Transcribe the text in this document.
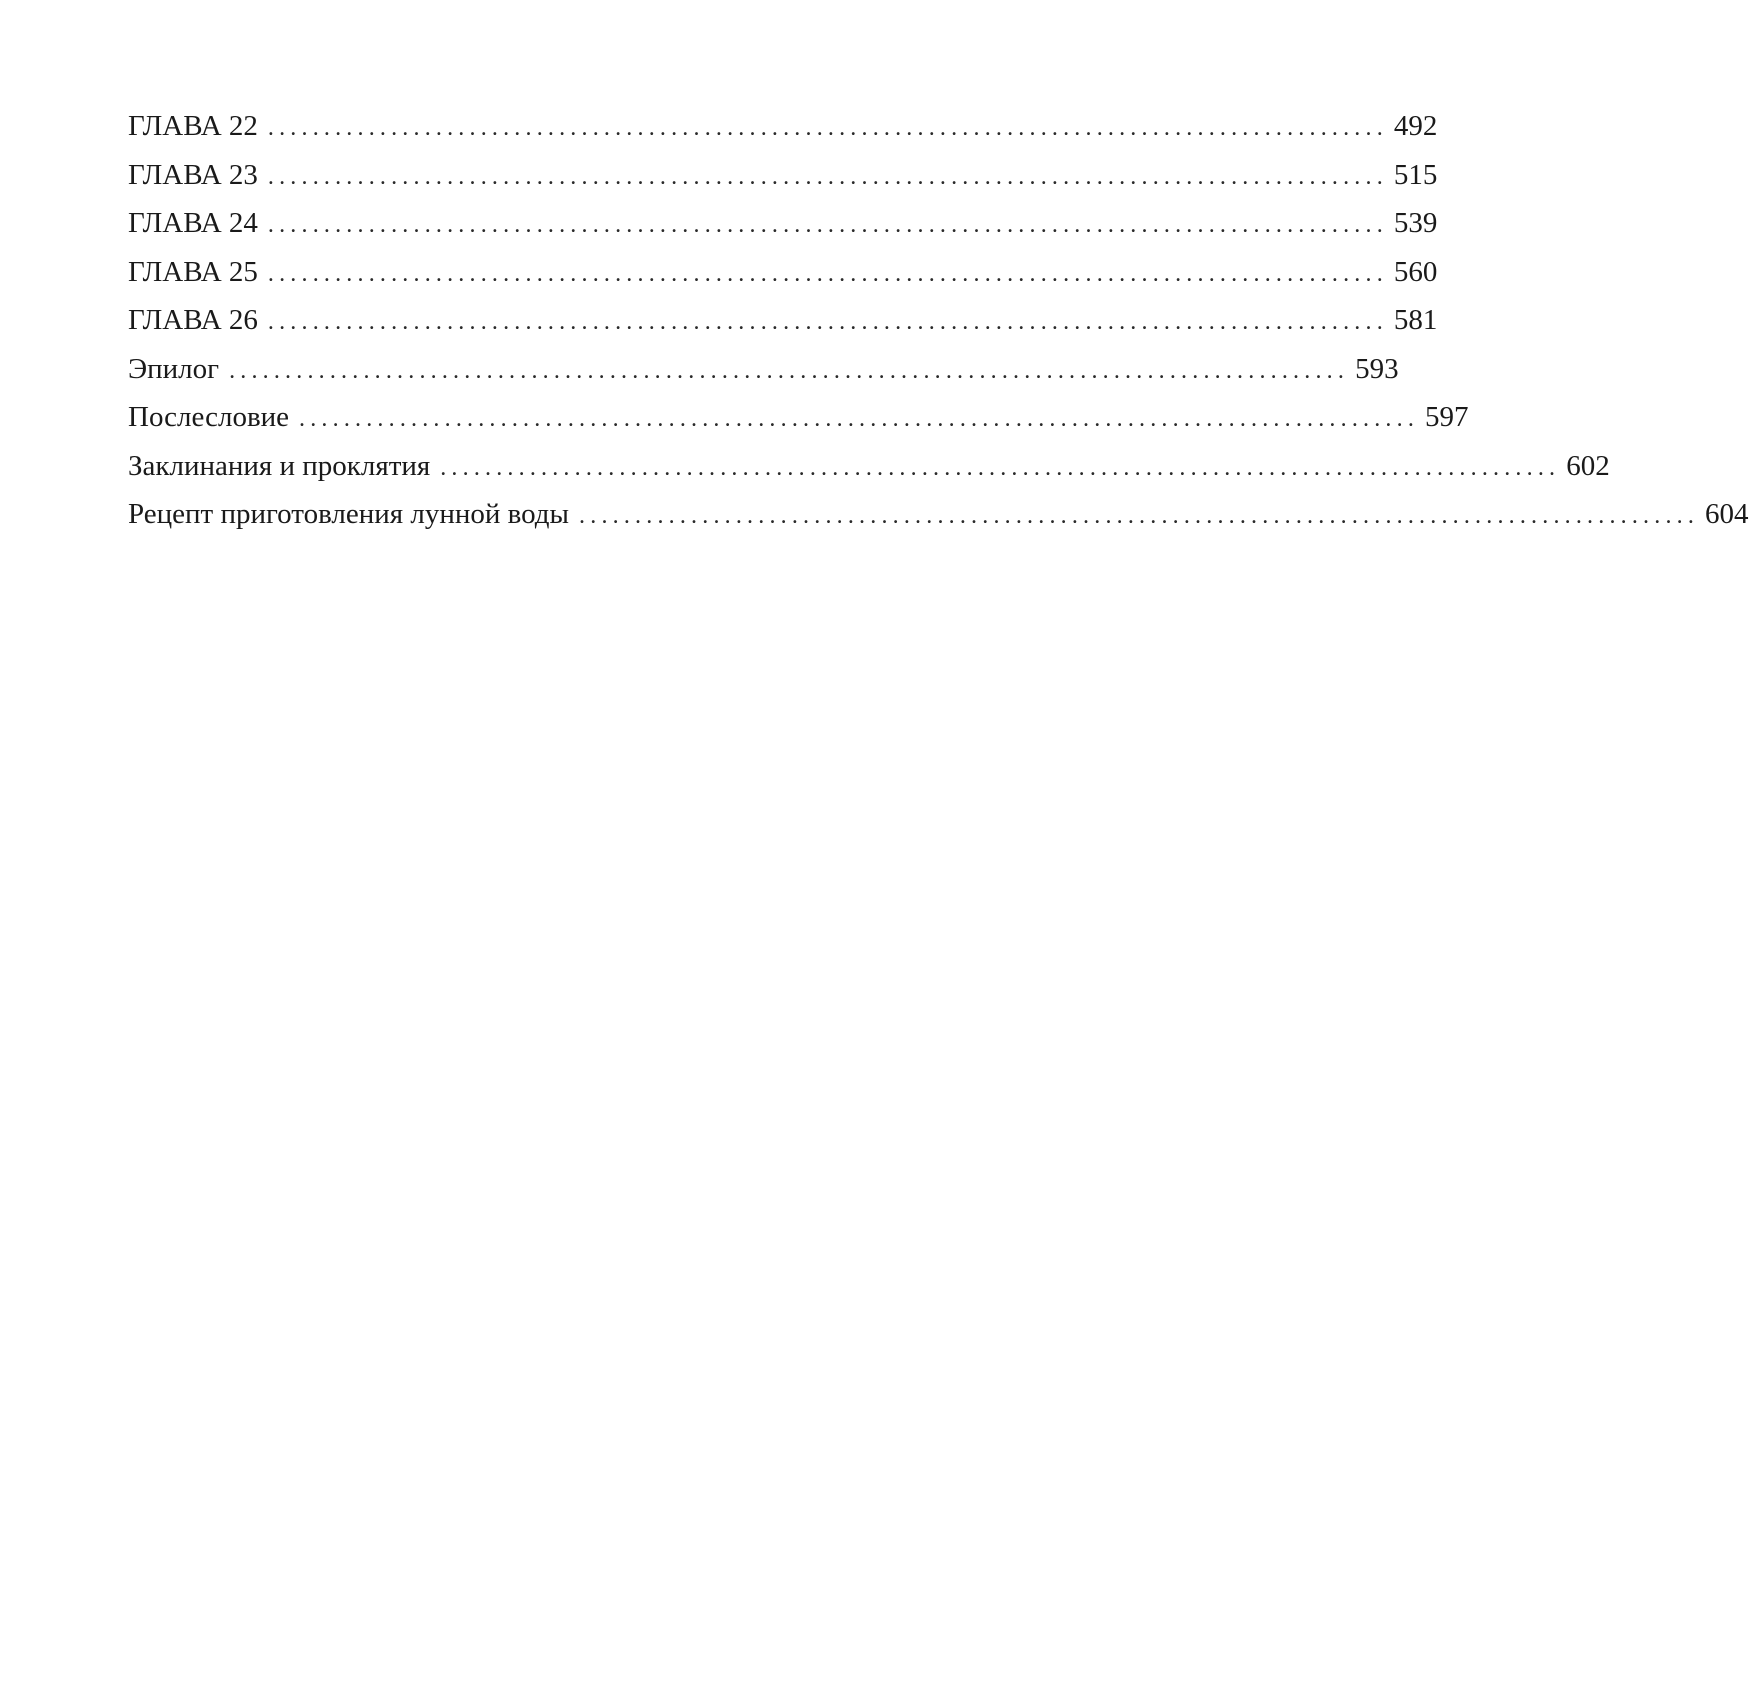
ГЛАВА 22 .................................................................................................... 492
ГЛАВА 23 .................................................................................................... 515
ГЛАВА 24 .................................................................................................... 539
ГЛАВА 25 .................................................................................................... 560
ГЛАВА 26 .................................................................................................... 581
Эпилог .................................................................................................... 593
Послесловие .................................................................................................... 597
Заклинания и проклятия .................................................................................................... 602
Рецепт приготовления лунной воды .................................................................................................... 604
